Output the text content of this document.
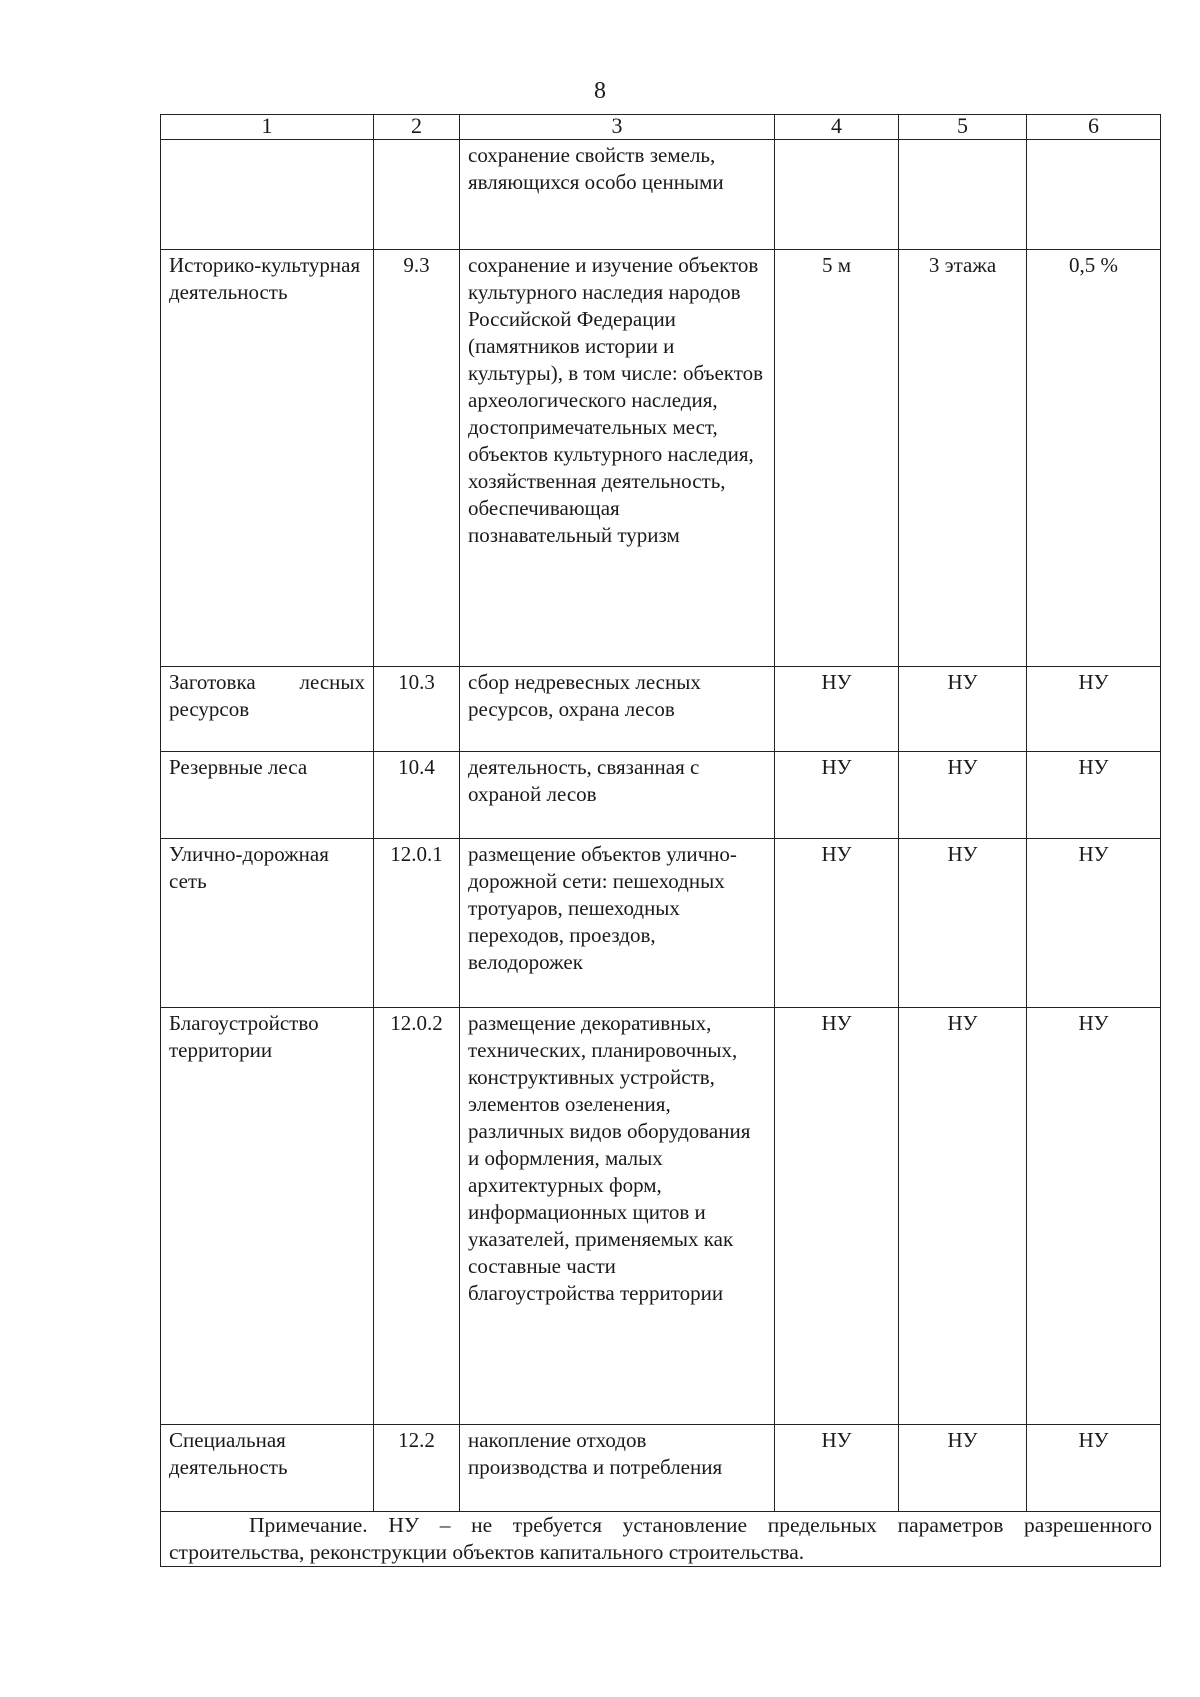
8
1	2	3	4	5	6
		сохранение свойств земель, являющихся особо ценными			
Историко-культурная деятельность	9.3	сохранение и изучение объектов культурного наследия народов Российской Федерации (памятников истории и культуры), в том числе: объектов археологического наследия, достопримечательных мест, объектов культурного наследия, хозяйственная деятельность, обеспечивающая познавательный туризм	5 м	3 этажа	0,5 %
Заготовка лесных ресурсов	10.3	сбор недревесных лесных ресурсов, охрана лесов	НУ	НУ	НУ
Резервные леса	10.4	деятельность, связанная с охраной лесов	НУ	НУ	НУ
Улично-дорожная сеть	12.0.1	размещение объектов улично-дорожной сети: пешеходных тротуаров, пешеходных переходов, проездов, велодорожек	НУ	НУ	НУ
Благоустройство территории	12.0.2	размещение декоративных, технических, планировочных, конструктивных устройств, элементов озеленения, различных видов оборудования и оформления, малых архитектурных форм, информационных щитов и указателей, применяемых как составные части благоустройства территории	НУ	НУ	НУ
Специальная деятельность	12.2	накопление отходов производства и потребления	НУ	НУ	НУ
Примечание. НУ – не требуется установление предельных параметров разрешенного строительства, реконструкции объектов капитального строительства.					
